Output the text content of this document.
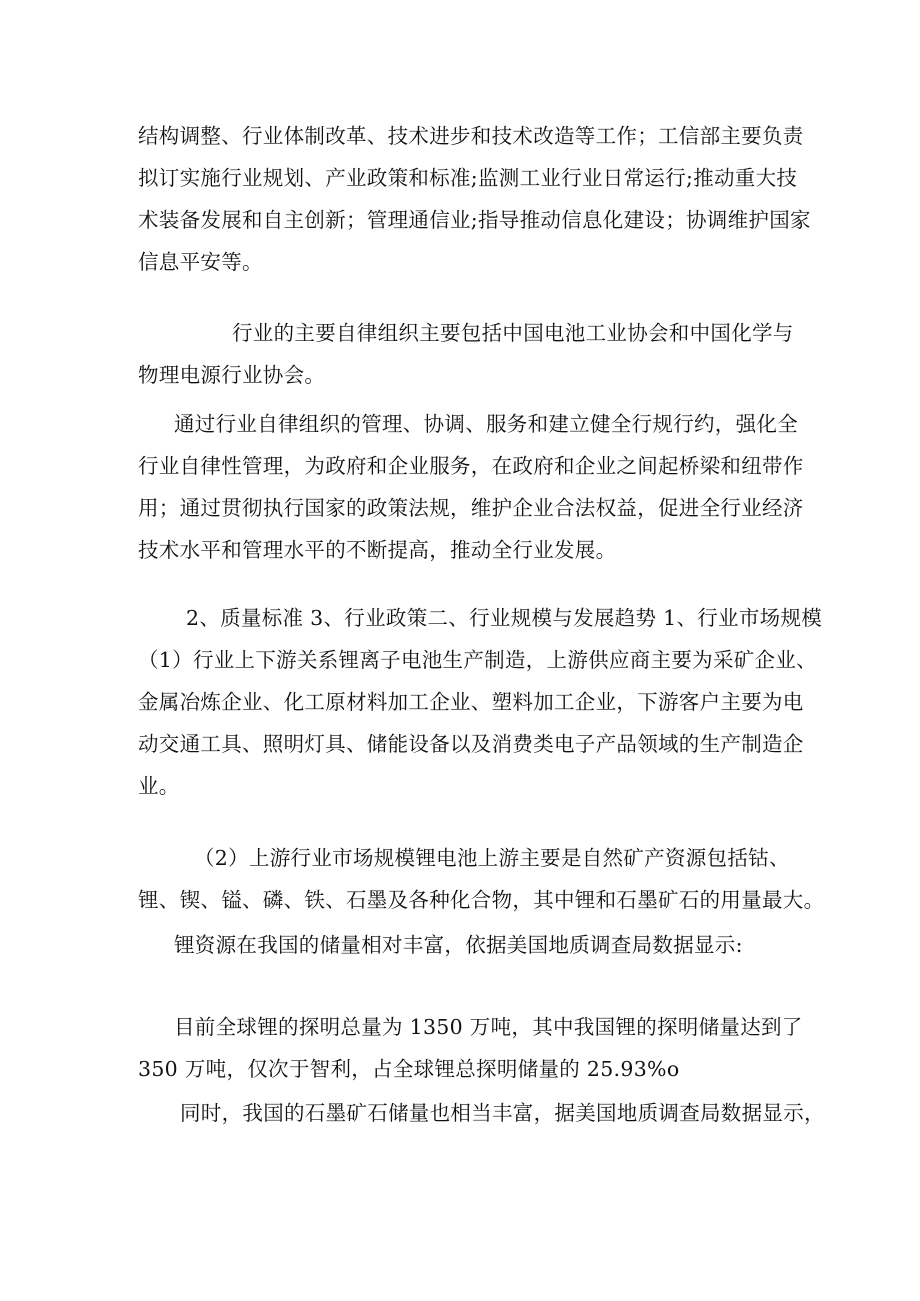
结构调整、行业体制改革、技术进步和技术改造等工作；工信部主要负责
拟订实施行业规划、产业政策和标准;监测工业行业日常运行;推动重大技
术装备发展和自主创新；管理通信业;指导推动信息化建设；协调维护国家
信息平安等。
行业的主要自律组织主要包括中国电池工业协会和中国化学与
物理电源行业协会。
通过行业自律组织的管理、协调、服务和建立健全行规行约，强化全
行业自律性管理，为政府和企业服务，在政府和企业之间起桥梁和纽带作
用；通过贯彻执行国家的政策法规，维护企业合法权益，促进全行业经济
技术水平和管理水平的不断提高，推动全行业发展。
2、质量标准 3、行业政策二、行业规模与发展趋势 1、行业市场规模
（1）行业上下游关系锂离子电池生产制造，上游供应商主要为采矿企业、
金属冶炼企业、化工原材料加工企业、塑料加工企业，下游客户主要为电
动交通工具、照明灯具、储能设备以及消费类电子产品领域的生产制造企
业。
（2）上游行业市场规模锂电池上游主要是自然矿产资源包括钴、
锂、锲、镒、磷、铁、石墨及各种化合物，其中锂和石墨矿石的用量最大。
锂资源在我国的储量相对丰富，依据美国地质调查局数据显示:
目前全球锂的探明总量为 1350 万吨，其中我国锂的探明储量达到了
350 万吨，仅次于智利，占全球锂总探明储量的 25.93%o
同时，我国的石墨矿石储量也相当丰富，据美国地质调查局数据显示，
